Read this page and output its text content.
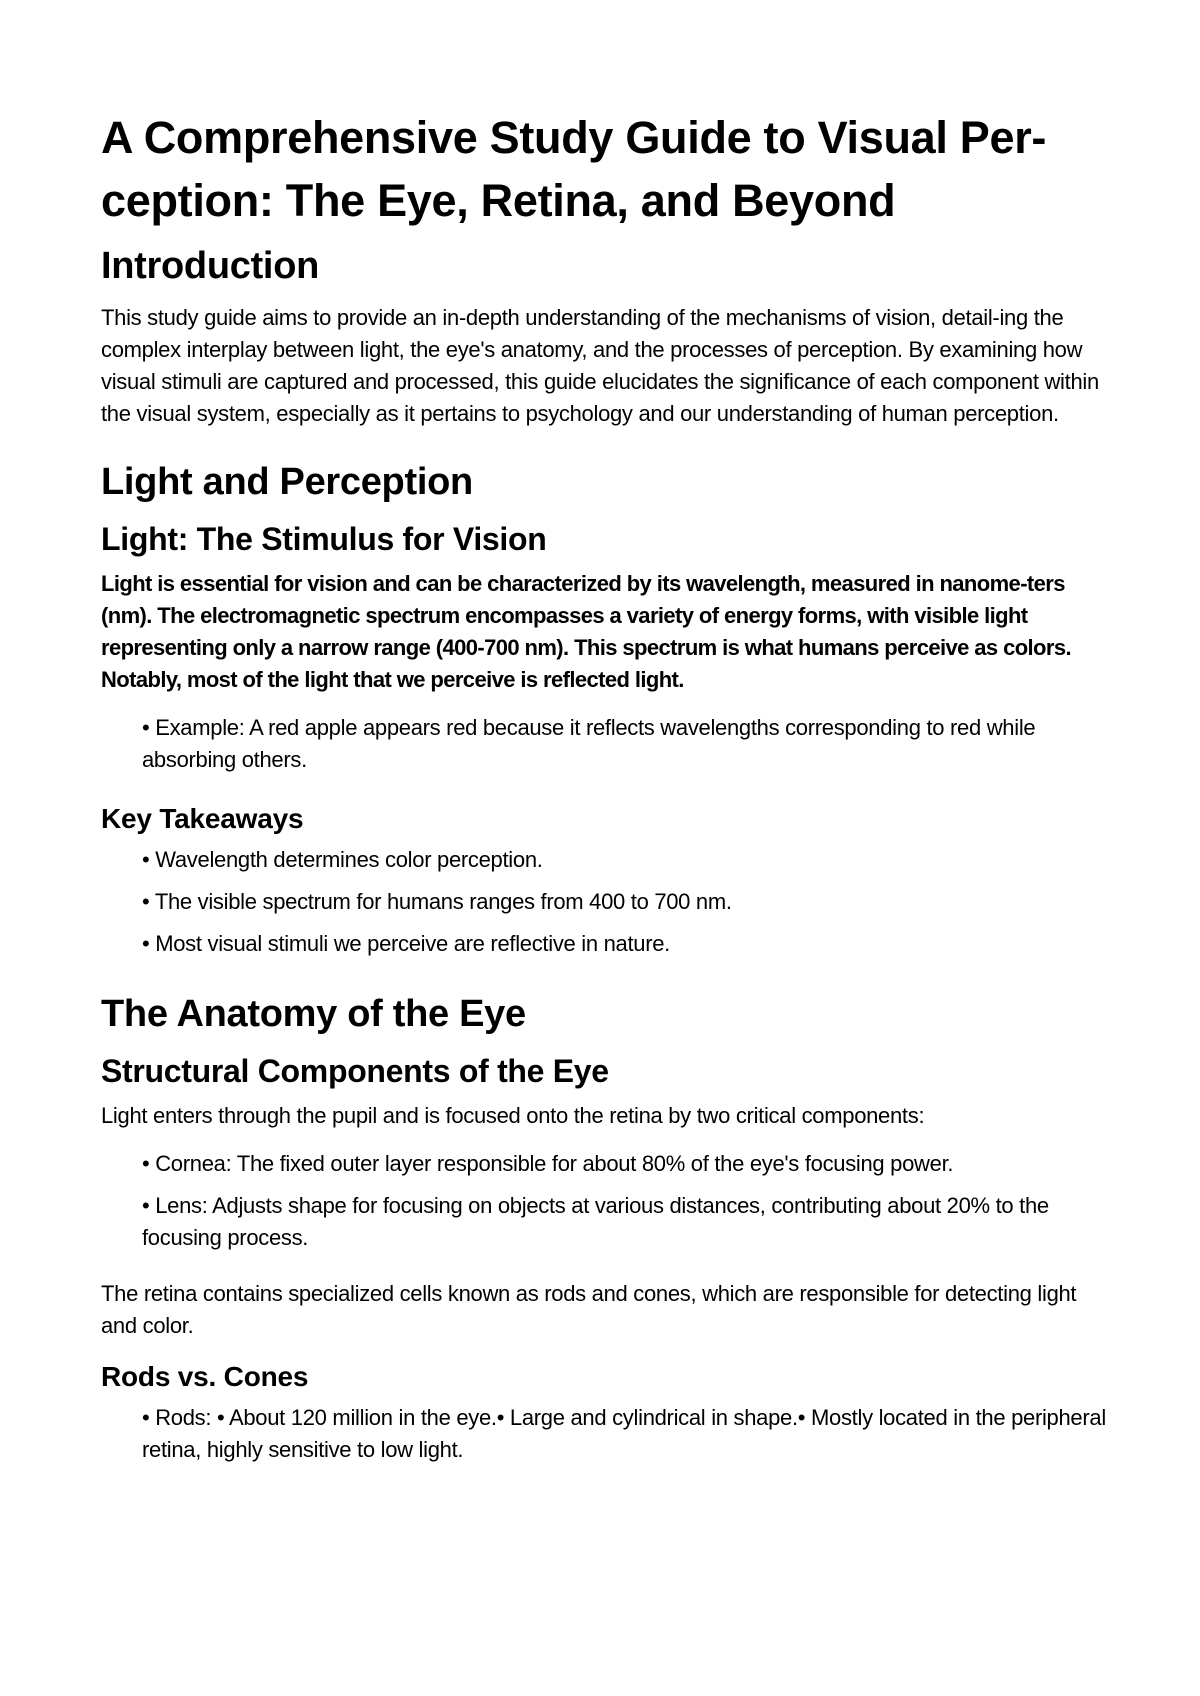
A Comprehensive Study Guide to Visual Per-ception: The Eye, Retina, and Beyond
Introduction

This study guide aims to provide an in-depth understanding of the mechanisms of vision, detail-ing the complex interplay between light, the eye's anatomy, and the processes of perception. By examining how visual stimuli are captured and processed, this guide elucidates the significance of each component within the visual system, especially as it pertains to psychology and our understanding of human perception.

Light and Perception
Light: The Stimulus for Vision

Light is essential for vision and can be characterized by its wavelength, measured in nanome-ters (nm). The electromagnetic spectrum encompasses a variety of energy forms, with visible light representing only a narrow range (400-700 nm). This spectrum is what humans perceive as colors. Notably, most of the light that we perceive is reflected light.

• Example: A red apple appears red because it reflects wavelengths corresponding to red while absorbing others.
Key Takeaways
• Wavelength determines color perception.
• The visible spectrum for humans ranges from 400 to 700 nm.
• Most visual stimuli we perceive are reflective in nature.
The Anatomy of the Eye
Structural Components of the Eye

Light enters through the pupil and is focused onto the retina by two critical components:

• Cornea: The fixed outer layer responsible for about 80% of the eye's focusing power.
• Lens: Adjusts shape for focusing on objects at various distances, contributing about 20% to the focusing process.

The retina contains specialized cells known as rods and cones, which are responsible for detecting light and color.

Rods vs. Cones
• Rods: • About 120 million in the eye.• Large and cylindrical in shape.• Mostly located in the peripheral retina, highly sensitive to low light.
